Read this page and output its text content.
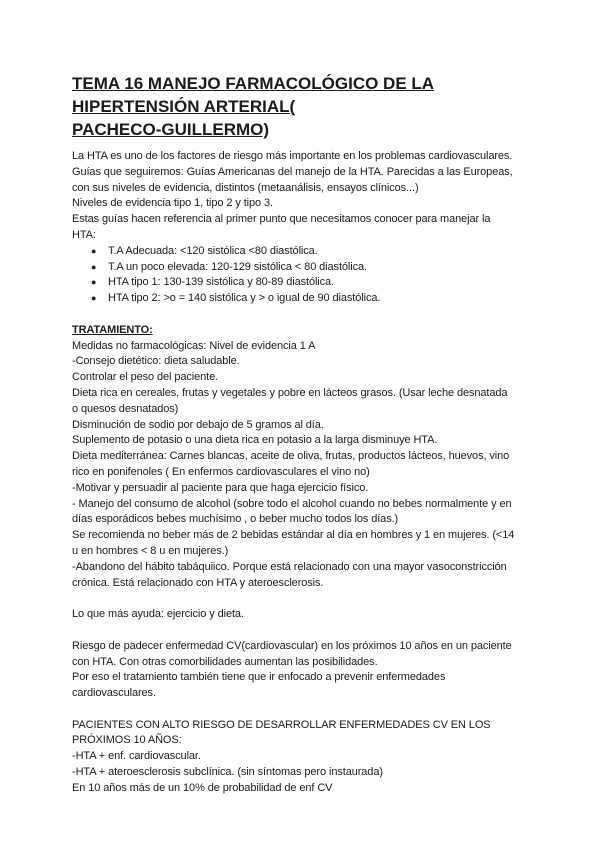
TEMA 16 MANEJO FARMACOLÓGICO DE LA
HIPERTENSIÓN ARTERIAL(
PACHECO-GUILLERMO)

La HTA es uno de los factores de riesgo más importante en los problemas cardiovasculares.

Guías que seguiremos: Guías Americanas del manejo de la HTA. Parecidas a las Europeas,

con sus niveles de evidencia, distintos (metaanálisis, ensayos clínicos...)

Niveles de evidencia tipo 1, tipo 2 y tipo 3.

Estas guías hacen referencia al primer punto que necesitamos conocer para manejar la

HTA:

● T.A Adecuada: <120 sistólica <80 diastólica.
● T.A un poco elevada: 120-129 sistólica < 80 diastólica.
● HTA tipo 1: 130-139 sistólica y 80-89 diastólica.
● HTA tipo 2: >o = 140 sistólica y > o igual de 90 diastólica.

TRATAMIENTO:

Medidas no farmacológicas: Nivel de evidencia 1 A

-Consejo dietético: dieta saludable.

Controlar el peso del paciente.

Dieta rica en cereales, frutas y vegetales y pobre en lácteos grasos. (Usar leche desnatada

o quesos desnatados)

Disminución de sodio por debajo de 5 gramos al día.

Suplemento de potasio o una dieta rica en potasio a la larga disminuye HTA.

Dieta mediterránea: Carnes blancas, aceite de oliva, frutas, productos lácteos, huevos, vino

rico en ponifenoles ( En enfermos cardiovasculares el vino no)

-Motivar y persuadir al paciente para que haga ejercicio físico.

- Manejo del consumo de alcohol (sobre todo el alcohol cuando no bebes normalmente y en

días esporádicos bebes muchísimo , o beber mucho todos los días.)

Se recomienda no beber más de 2 bebidas estándar al día en hombres y 1 en mujeres. (<14

u en hombres < 8 u en mujeres.)

-Abandono del hábito tabáquiico. Porque está relacionado con una mayor vasoconstricción

crónica. Está relacionado con HTA y ateroesclerosis.

Lo que más ayuda: ejercicio y dieta.

Riesgo de padecer enfermedad CV(cardiovascular) en los próximos 10 años en un paciente

con HTA. Con otras comorbilidades aumentan las posibilidades.

Por eso el tratamiento también tiene que ir enfocado a prevenir enfermedades

cardiovasculares.

PACIENTES CON ALTO RIESGO DE DESARROLLAR ENFERMEDADES CV EN LOS

PRÓXIMOS 10 AÑOS:

-HTA + enf. cardiovascular.

-HTA + ateroesclerosis subclínica. (sin síntomas pero instaurada)

En 10 años más de un 10% de probabilidad de enf CV
